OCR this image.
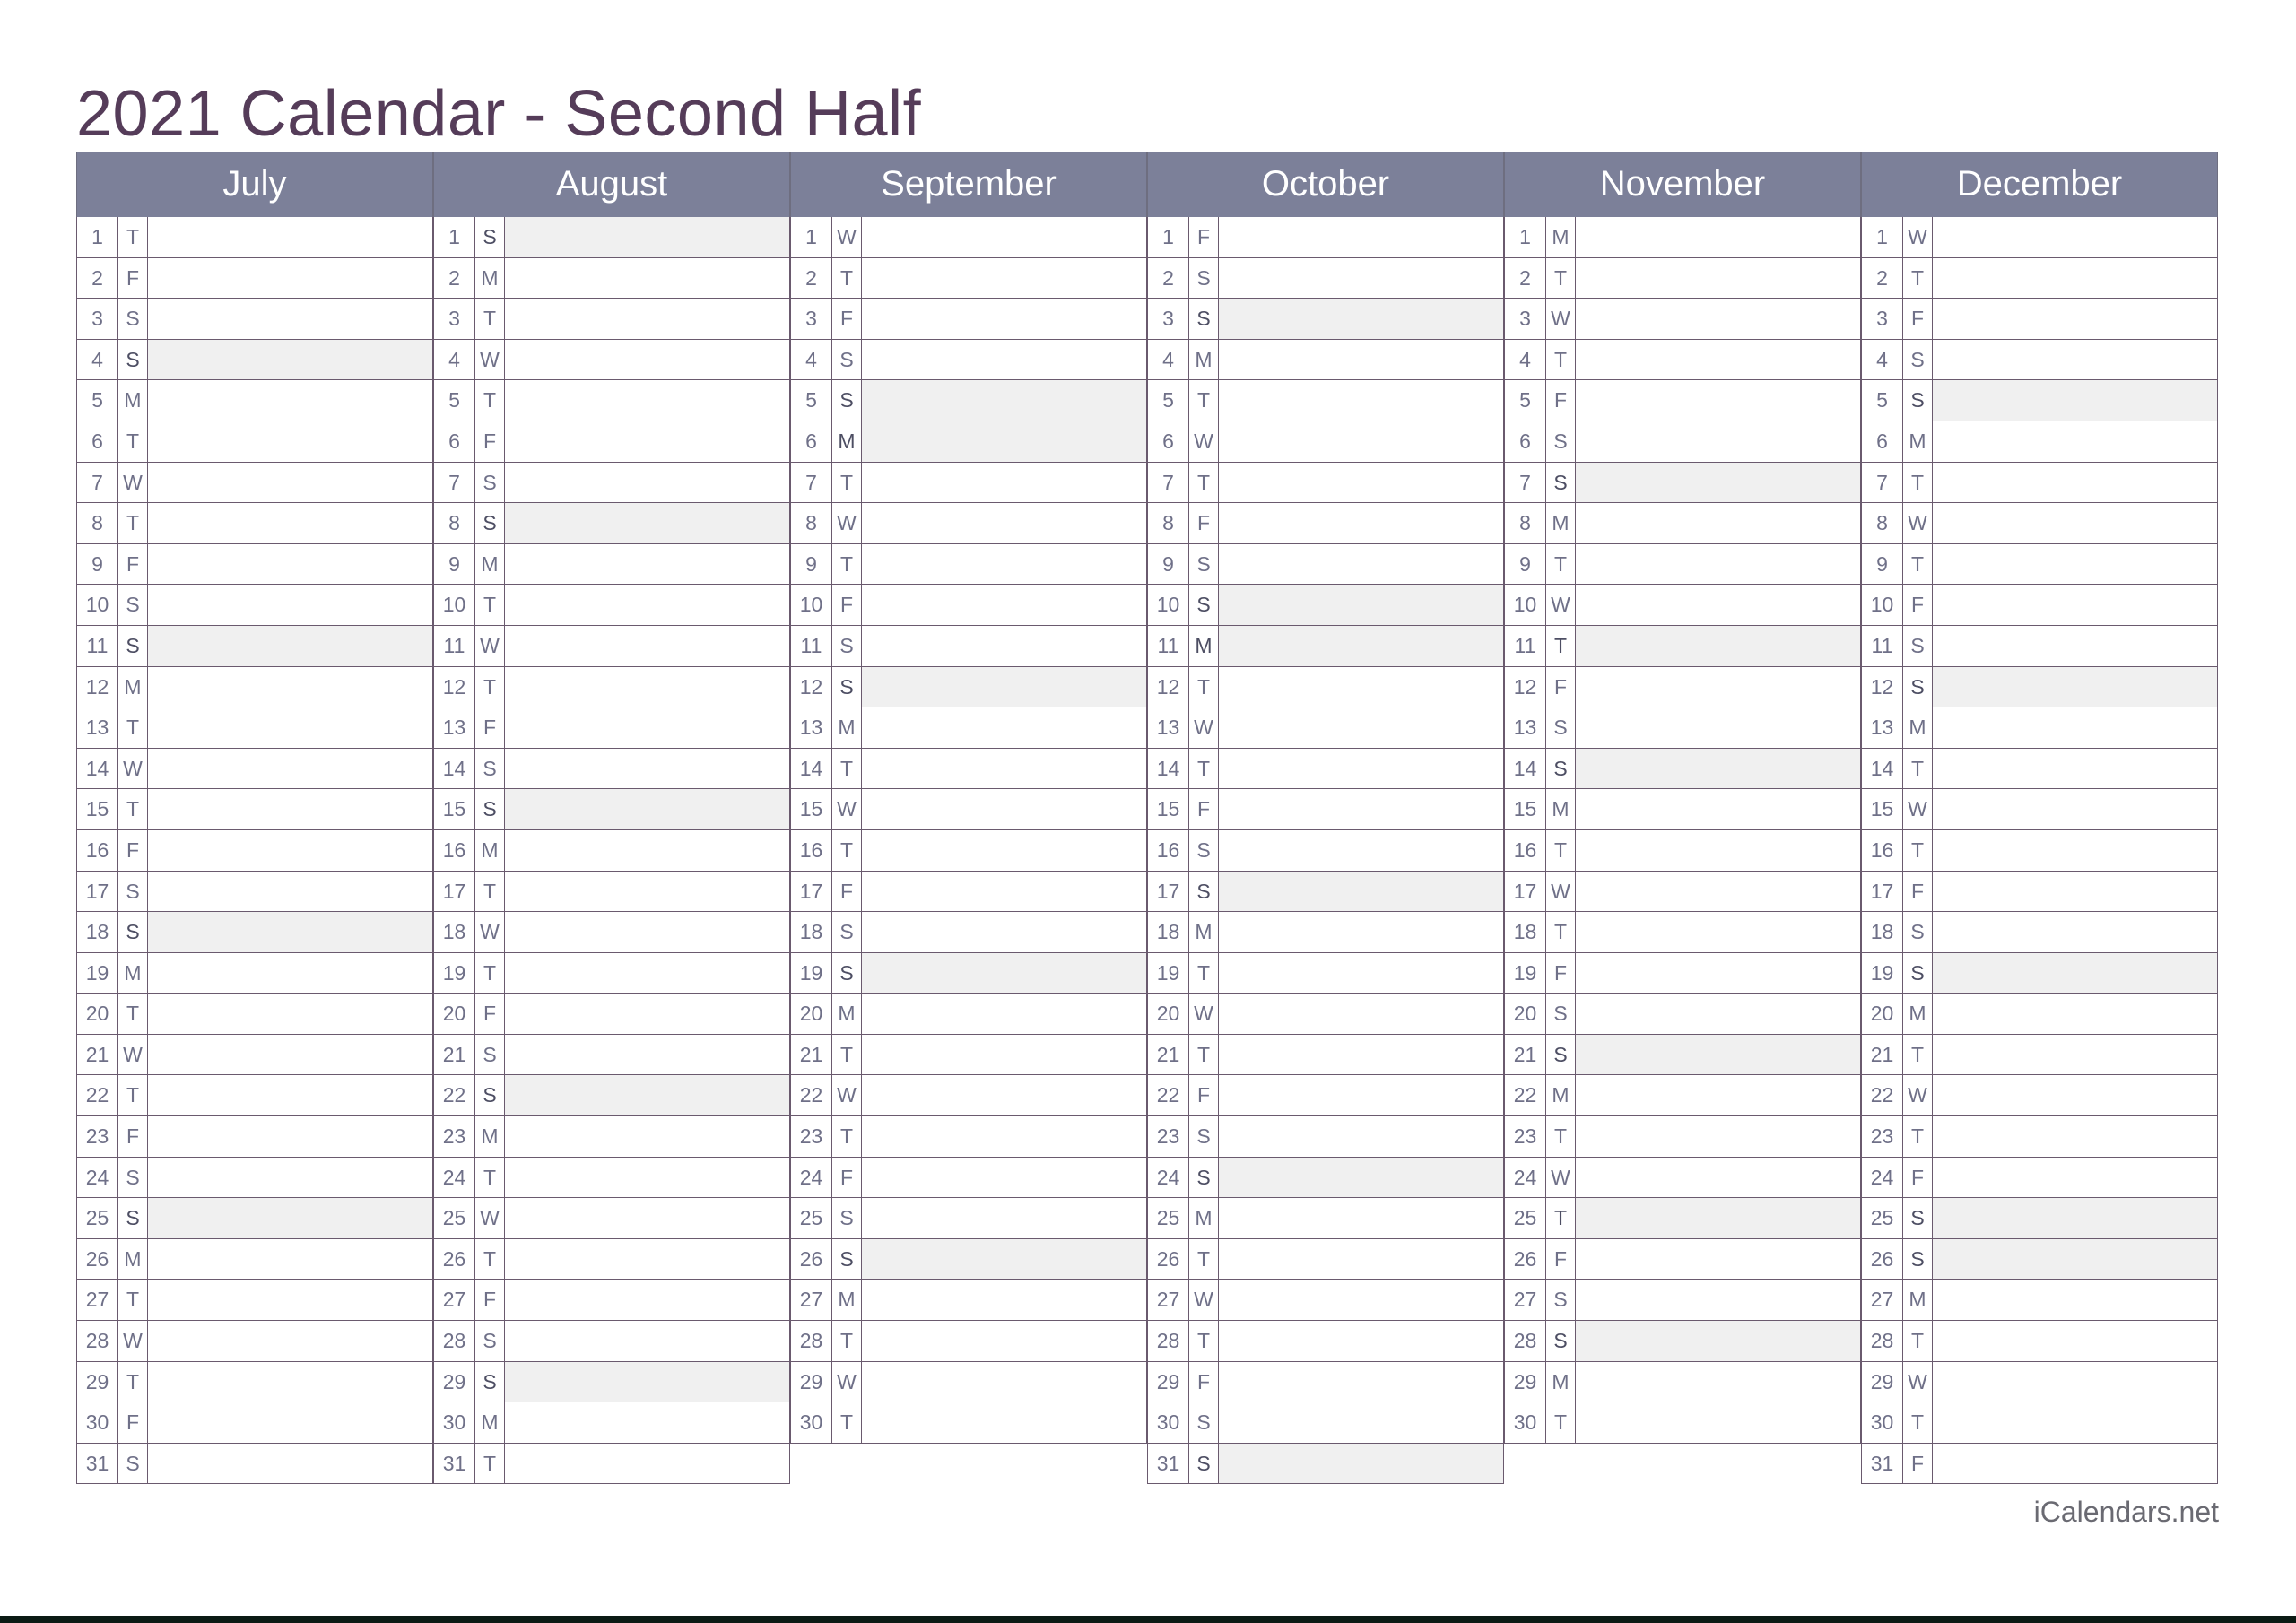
2021 Calendar - Second Half
July
1	T
2	F
3	S
4	S
5	M
6	T
7 W
8	T
9	F
10 S
11 S
12 M
13 T
14 W
15 T
16 F
17 S
18 S
19 M
20 T
21 W
22 T
23 F
24 S
25 S
26 M
27 T
28 W
29 T
30 F
31 S
August
1	S
2	M
3	T
4 W
5	T
6	F
7	S
8	S
9	M
10 T
11 W
12 T
13 F
14 S
15 S
16 M
17 T
18 W
19 T
20 F
21 S
22 S
23 M
24 T
25 W
26 T
27 F
28 S
29 S
30 M
31 T
September
1 W
2	T
3	F
4	S
5	S
6	M
7	T
8 W
9	T
10 F
11 S
12 S
13 M
14 T
15 W
16 T
17 F
18 S
19 S
20 M
21 T
22 W
23 T
24 F
25 S
26 S
27 M
28 T
29 W
30 T
October
1	F
2	S
3	S
4	M
5	T
6 W
7	T
8	F
9	S
10 S
11 M
12 T
13 W
14 T
15 F
16 S
17 S
18 M
19 T
20 W
21 T
22 F
23 S
24 S
25 M
26 T
27 W
28 T
29 F
30 S
31 S
November
1	M
2	T
3 W
4	T
5	F
6	S
7	S
8	M
9	T
10 W
11 T
12 F
13 S
14 S
15 M
16 T
17 W
18 T
19 F
20 S
21 S
22 M
23 T
24 W
25 T
26 F
27 S
28 S
29 M
30 T
December
1 W
2	T
3	F
4	S
5	S
6	M
7	T
8 W
9	T
10 F
11 S
12 S
13 M
14 T
15 W
16 T
17 F
18 S
19 S
20 M
21 T
22 W
23 T
24 F
25 S
26 S
27 M
28 T
29 W
30 T
31 F
iCalendars.net
